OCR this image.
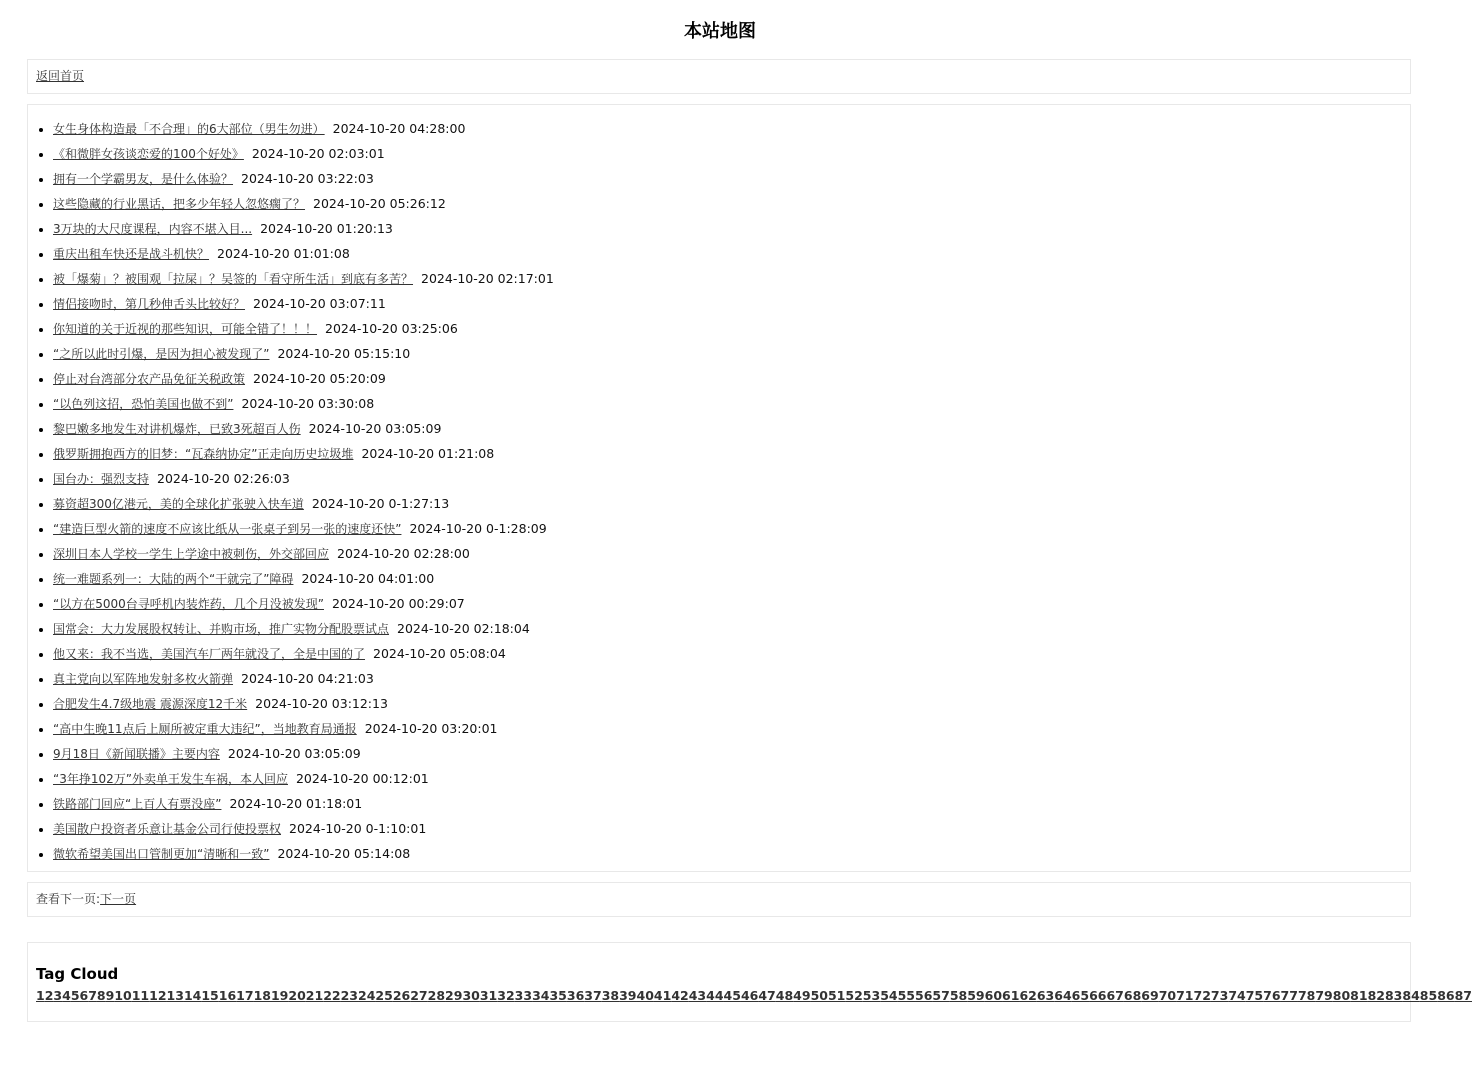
本站地图
返回首页
• 女生身体构造最「不合理」的6大部位（男生勿进） 2024-10-20 04:28:00
• 《和微胖女孩谈恋爱的100个好处》 2024-10-20 02:03:01
• 拥有一个学霸男友，是什么体验？ 2024-10-20 03:22:03
• 这些隐藏的行业黑话，把多少年轻人忽悠瘸了？ 2024-10-20 05:26:12
• 3万块的大尺度课程，内容不堪入目... 2024-10-20 01:20:13
• 重庆出租车快还是战斗机快？ 2024-10-20 01:01:08
• 被「爆菊」？被围观「拉屎」？吴签的「看守所生活」到底有多苦？ 2024-10-20 02:17:01
• 情侣接吻时，第几秒伸舌头比较好？ 2024-10-20 03:07:11
• 你知道的关于近视的那些知识，可能全错了！！！ 2024-10-20 03:25:06
• “之所以此时引爆，是因为担心被发现了” 2024-10-20 05:15:10
• 停止对台湾部分农产品免征关税政策 2024-10-20 05:20:09
• “以色列这招，恐怕美国也做不到” 2024-10-20 03:30:08
• 黎巴嫩多地发生对讲机爆炸，已致3死超百人伤 2024-10-20 03:05:09
• 俄罗斯拥抱西方的旧梦：“瓦森纳协定”正走向历史垃圾堆 2024-10-20 01:21:08
• 国台办：强烈支持 2024-10-20 02:26:03
• 募资超300亿港元，美的全球化扩张驶入快车道 2024-10-20 0-1:27:13
• “建造巨型火箭的速度不应该比纸从一张桌子到另一张的速度还快” 2024-10-20 0-1:28:09
• 深圳日本人学校一学生上学途中被刺伤，外交部回应 2024-10-20 02:28:00
• 统一难题系列一：大陆的两个“干就完了”障碍 2024-10-20 04:01:00
• “以方在5000台寻呼机内装炸药，几个月没被发现” 2024-10-20 00:29:07
• 国常会：大力发展股权转让、并购市场，推广实物分配股票试点 2024-10-20 02:18:04
• 他又来：我不当选，美国汽车厂两年就没了，全是中国的了 2024-10-20 05:08:04
• 真主党向以军阵地发射多枚火箭弹 2024-10-20 04:21:03
• 合肥发生4.7级地震 震源深度12千米 2024-10-20 03:12:13
• “高中生晚11点后上厕所被定重大违纪”，当地教育局通报 2024-10-20 03:20:01
• 9月18日《新闻联播》主要内容 2024-10-20 03:05:09
• “3年挣102万”外卖单王发生车祸，本人回应 2024-10-20 00:12:01
• 铁路部门回应“上百人有票没座” 2024-10-20 01:18:01
• 美国散户投资者乐意让基金公司行使投票权 2024-10-20 0-1:10:01
• 微软希望美国出口管制更加“清晰和一致” 2024-10-20 05:14:08
查看下一页:下一页
Tag Cloud
123456789101112131415161718192021222324252627282930313233343536373839404142434445464748495051525354555657585960616263646566676869707172737475767778798081828384858687
